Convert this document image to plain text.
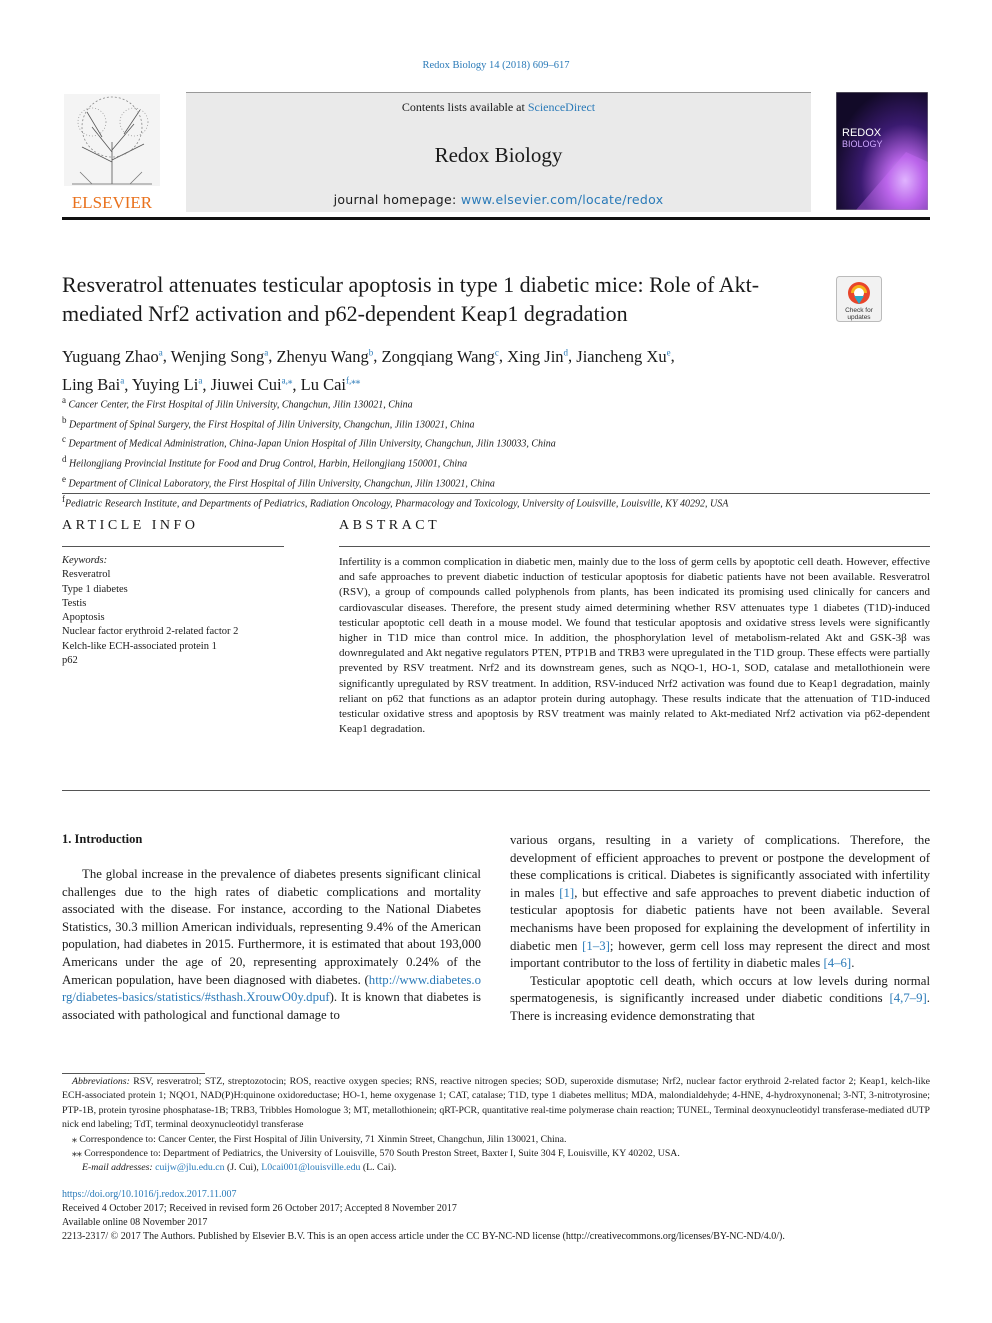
Redox Biology 14 (2018) 609–617
ELSEVIER
Contents lists available at ScienceDirect
Redox Biology
journal homepage: www.elsevier.com/locate/redox
REDOX
BIOLOGY
Resveratrol attenuates testicular apoptosis in type 1 diabetic mice: Role of Akt-mediated Nrf2 activation and p62-dependent Keap1 degradation	Check for
updates
Yuguang Zhao$^a$, Wenjing Song$^a$, Zhenyu Wang$^b$, Zongqiang Wang$^c$, Xing Jin$^d$, Jiancheng Xu$^e$,
Ling Bai$^a$, Yuying Li$^a$, Jiuwei Cui$^{a,⁎}$, Lu Cai$^{f,⁎⁎}$
$^a$ Cancer Center, the First Hospital of Jilin University, Changchun, Jilin 130021, China
$^b$ Department of Spinal Surgery, the First Hospital of Jilin University, Changchun, Jilin 130021, China
$^c$ Department of Medical Administration, China-Japan Union Hospital of Jilin University, Changchun, Jilin 130033, China
$^d$ Heilongjiang Provincial Institute for Food and Drug Control, Harbin, Heilongjiang 150001, China
$^e$ Department of Clinical Laboratory, the First Hospital of Jilin University, Changchun, Jilin 130021, China
$^f$Pediatric Research Institute, and Departments of Pediatrics, Radiation Oncology, Pharmacology and Toxicology, University of Louisville, Louisville, KY 40292, USA
ARTICLE INFO	ABSTRACT
Keywords:
Resveratrol
Type 1 diabetes
Testis
Apoptosis
Nuclear factor erythroid 2-related factor 2
Kelch-like ECH-associated protein 1
p62
Infertility is a common complication in diabetic men, mainly due to the loss of germ cells by apoptotic cell death. However, effective and safe approaches to prevent diabetic induction of testicular apoptosis for diabetic patients have not been available. Resveratrol (RSV), a group of compounds called polyphenols from plants, has been indicated its promising used clinically for cancers and cardiovascular diseases. Therefore, the present study aimed determining whether RSV attenuates type 1 diabetes (T1D)-induced testicular apoptotic cell death in a mouse model. We found that testicular apoptosis and oxidative stress levels were significantly higher in T1D mice than control mice. In addition, the phosphorylation level of metabolism-related Akt and GSK-3β was downregulated and Akt negative regulators PTEN, PTP1B and TRB3 were upregulated in the T1D group. These effects were partially prevented by RSV treatment. Nrf2 and its downstream genes, such as NQO-1, HO-1, SOD, catalase and metallothionein were significantly upregulated by RSV treatment. In addition, RSV-induced Nrf2 activation was found due to Keap1 degradation, mainly reliant on p62 that functions as an adaptor protein during autophagy. These results indicate that the attenuation of T1D-induced testicular oxidative stress and apoptosis by RSV treatment was mainly related to Akt-mediated Nrf2 activation via p62-dependent Keap1 degradation.
1. Introduction
The global increase in the prevalence of diabetes presents significant clinical challenges due to the high rates of diabetic complications and mortality associated with the disease. For instance, according to the National Diabetes Statistics, 30.3 million American individuals, representing 9.4% of the American population, had diabetes in 2015. Furthermore, it is estimated that about 193,000 Americans under the age of 20, representing approximately 0.24% of the American population, have been diagnosed with diabetes. (http://www.diabetes.org/diabetes-basics/statistics/#sthash.XrouwO0y.dpuf). It is known that diabetes is associated with pathological and functional damage to

various organs, resulting in a variety of complications. Therefore, the development of efficient approaches to prevent or postpone the development of these complications is critical. Diabetes is significantly associated with infertility in males [1], but effective and safe approaches to prevent diabetic induction of testicular apoptosis for diabetic patients have not been available. Several mechanisms have been proposed for explaining the development of infertility in diabetic men [1–3]; however, germ cell loss may represent the direct and most important contributor to the loss of fertility in diabetic males [4–6].

Testicular apoptotic cell death, which occurs at low levels during normal spermatogenesis, is significantly increased under diabetic conditions [4,7–9]. There is increasing evidence demonstrating that

Abbreviations: RSV, resveratrol; STZ, streptozotocin; ROS, reactive oxygen species; RNS, reactive nitrogen species; SOD, superoxide dismutase; Nrf2, nuclear factor erythroid 2-related factor 2; Keap1, kelch-like ECH-associated protein 1; NQO1, NAD(P)H:quinone oxidoreductase; HO-1, heme oxygenase 1; CAT, catalase; T1D, type 1 diabetes mellitus; MDA, malondialdehyde; 4-HNE, 4-hydroxynonenal; 3-NT, 3-nitrotyrosine; PTP-1B, protein tyrosine phosphatase-1B; TRB3, Tribbles Homologue 3; MT, metallothionein; qRT-PCR, quantitative real-time polymerase chain reaction; TUNEL, Terminal deoxynucleotidyl transferase-mediated dUTP nick end labeling; TdT, terminal deoxynucleotidyl transferase

⁎ Correspondence to: Cancer Center, the First Hospital of Jilin University, 71 Xinmin Street, Changchun, Jilin 130021, China.

⁎⁎ Correspondence to: Department of Pediatrics, the University of Louisville, 570 South Preston Street, Baxter I, Suite 304 F, Louisville, KY 40202, USA.

E-mail addresses: cuijw@jlu.edu.cn (J. Cui), L0cai001@louisville.edu (L. Cai).

https://doi.org/10.1016/j.redox.2017.11.007

Received 4 October 2017; Received in revised form 26 October 2017; Accepted 8 November 2017

Available online 08 November 2017

2213-2317/ © 2017 The Authors. Published by Elsevier B.V. This is an open access article under the CC BY-NC-ND license (http://creativecommons.org/licenses/BY-NC-ND/4.0/).
